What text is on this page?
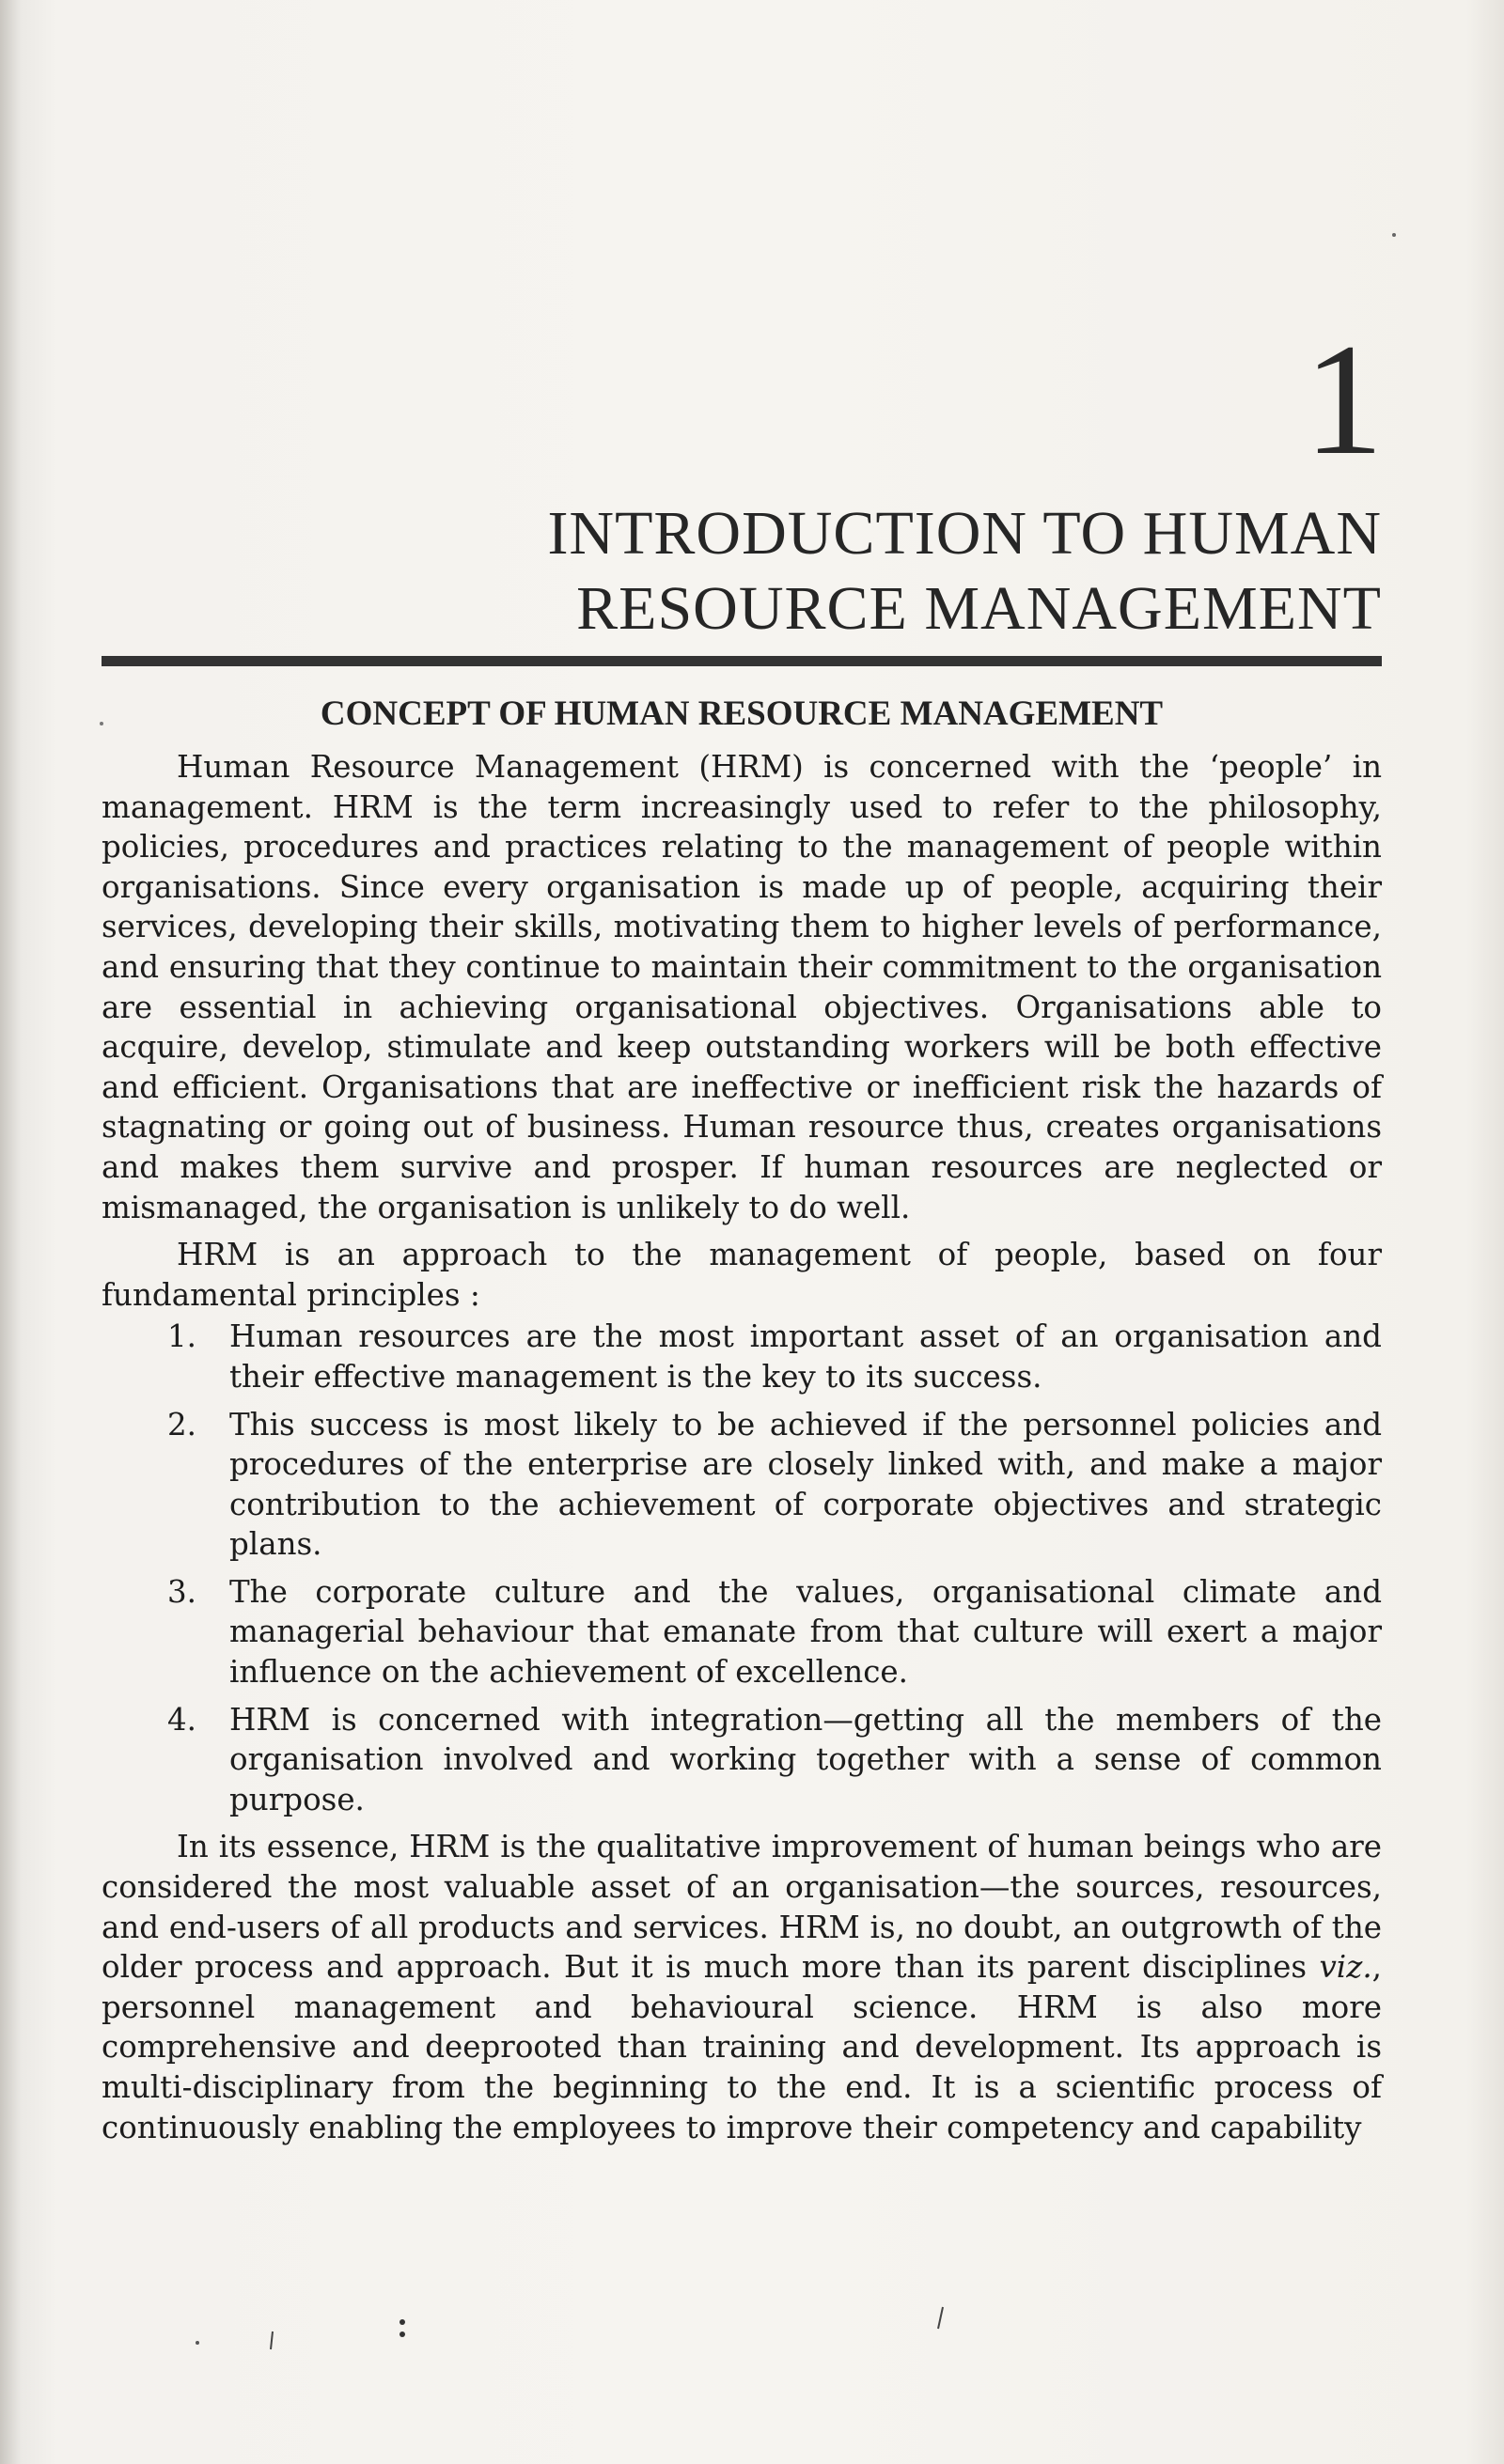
1
INTRODUCTION TO HUMAN
RESOURCE MANAGEMENT
CONCEPT OF HUMAN RESOURCE MANAGEMENT

Human Resource Management (HRM) is concerned with the ‘people’ in management. HRM is the term increasingly used to refer to the philosophy, policies, procedures and practices relating to the management of people within organisations. Since every organisation is made up of people, acquiring their services, developing their skills, motivating them to higher levels of performance, and ensuring that they continue to maintain their commitment to the organisation are essential in achieving organisational objectives. Organisations able to acquire, develop, stimulate and keep outstanding workers will be both effective and efficient. Organisations that are ineffective or inefficient risk the hazards of stagnating or going out of business. Human resource thus, creates organisations and makes them survive and prosper. If human resources are neglected or mismanaged, the organisation is unlikely to do well.

HRM is an approach to the management of people, based on four fundamental principles :

1. Human resources are the most important asset of an organisation and their effective management is the key to its success.
2. This success is most likely to be achieved if the personnel policies and procedures of the enterprise are closely linked with, and make a major contribution to the achievement of corporate objectives and strategic plans.
3. The corporate culture and the values, organisational climate and managerial behaviour that emanate from that culture will exert a major influence on the achievement of excellence.
4. HRM is concerned with integration—getting all the members of the organisation involved and working together with a sense of common purpose.

In its essence, HRM is the qualitative improvement of human beings who are considered the most valuable asset of an organisation—the sources, resources, and end-users of all products and services. HRM is, no doubt, an outgrowth of the older process and approach. But it is much more than its parent disciplines viz., personnel management and behavioural science. HRM is also more comprehensive and deeprooted than training and development. Its approach is multi-disciplinary from the beginning to the end. It is a scientific process of continuously enabling the employees to improve their competency and capability
